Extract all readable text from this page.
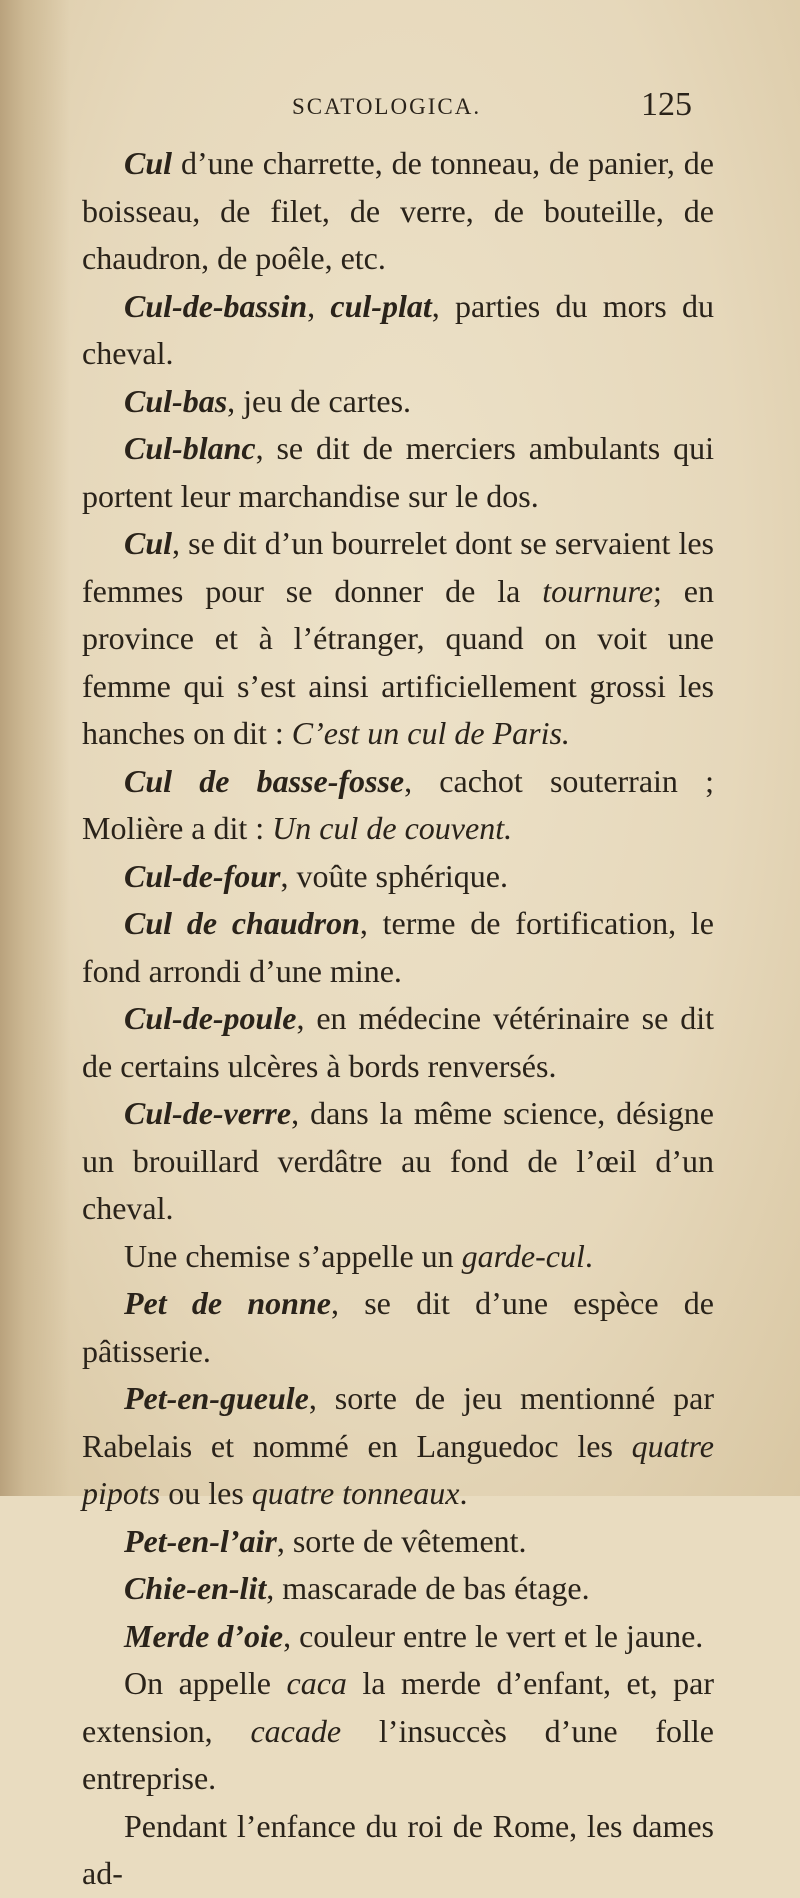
SCATOLOGICA.	125

Cul d’une charrette, de tonneau, de panier, de boisseau, de filet, de verre, de bouteille, de chaudron, de poêle, etc.

Cul-de-bassin, cul-plat, parties du mors du cheval.

Cul-bas, jeu de cartes.

Cul-blanc, se dit de merciers ambulants qui portent leur marchandise sur le dos.

Cul, se dit d’un bourrelet dont se servaient les femmes pour se donner de la tournure; en province et à l’étranger, quand on voit une femme qui s’est ainsi artificiellement grossi les hanches on dit : C’est un cul de Paris.

Cul de basse-fosse, cachot souterrain ; Molière a dit : Un cul de couvent.

Cul-de-four, voûte sphérique.

Cul de chaudron, terme de fortification, le fond arrondi d’une mine.

Cul-de-poule, en médecine vétérinaire se dit de certains ulcères à bords renversés.

Cul-de-verre, dans la même science, désigne un brouillard verdâtre au fond de l’œil d’un cheval.

Une chemise s’appelle un garde-cul.

Pet de nonne, se dit d’une espèce de pâtisserie.

Pet-en-gueule, sorte de jeu mentionné par Rabelais et nommé en Languedoc les quatre pipots ou les quatre tonneaux.

Pet-en-l’air, sorte de vêtement.

Chie-en-lit, mascarade de bas étage.

Merde d’oie, couleur entre le vert et le jaune.

On appelle caca la merde d’enfant, et, par extension, cacade l’insuccès d’une folle entreprise.

Pendant l’enfance du roi de Rome, les dames ad-
